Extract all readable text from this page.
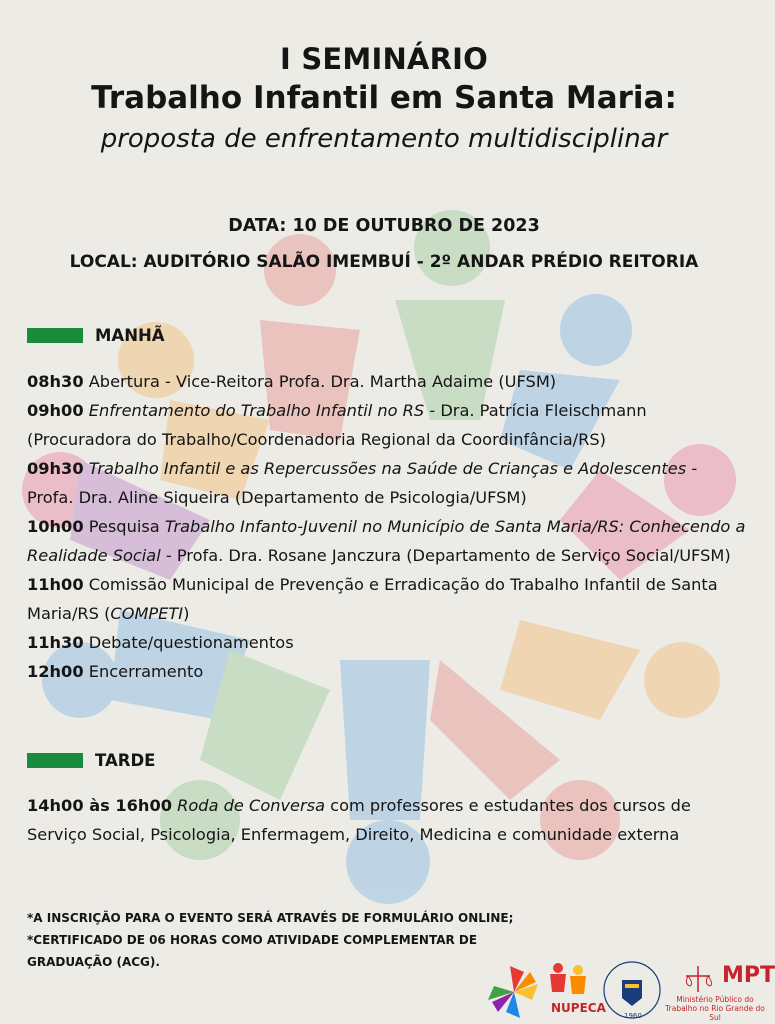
I SEMINÁRIO
Trabalho Infantil em Santa Maria:
proposta de enfrentamento multidisciplinar
DATA: 10 DE OUTUBRO DE 2023
LOCAL: AUDITÓRIO SALÃO IMEMBUÍ - 2º ANDAR PRÉDIO REITORIA
MANHÃ
08h30 Abertura - Vice-Reitora Profa. Dra. Martha Adaime (UFSM)
09h00 Enfrentamento do Trabalho Infantil no RS - Dra. Patrícia Fleischmann (Procuradora do Trabalho/Coordenadoria Regional da Coordinfância/RS)
09h30 Trabalho Infantil e as Repercussões na Saúde de Crianças e Adolescentes - Profa. Dra. Aline Siqueira (Departamento de Psicologia/UFSM)
10h00 Pesquisa Trabalho Infanto-Juvenil no Município de Santa Maria/RS: Conhecendo a Realidade Social - Profa. Dra. Rosane Janczura (Departamento de Serviço Social/UFSM)
11h00 Comissão Municipal de Prevenção e Erradicação do Trabalho Infantil de Santa Maria/RS (COMPETI)
11h30 Debate/questionamentos
12h00 Encerramento
TARDE
14h00 às 16h00 Roda de Conversa com professores e estudantes dos cursos de Serviço Social, Psicologia, Enfermagem, Direito, Medicina e comunidade externa
*A INSCRIÇÃO PARA O EVENTO SERÁ ATRAVÉS DE FORMULÁRIO ONLINE;
*CERTIFICADO DE 06 HORAS COMO ATIVIDADE COMPLEMENTAR DE GRADUAÇÃO (ACG).
NUPECA
MPT
Ministério Público do Trabalho no Rio Grande do Sul
1960
